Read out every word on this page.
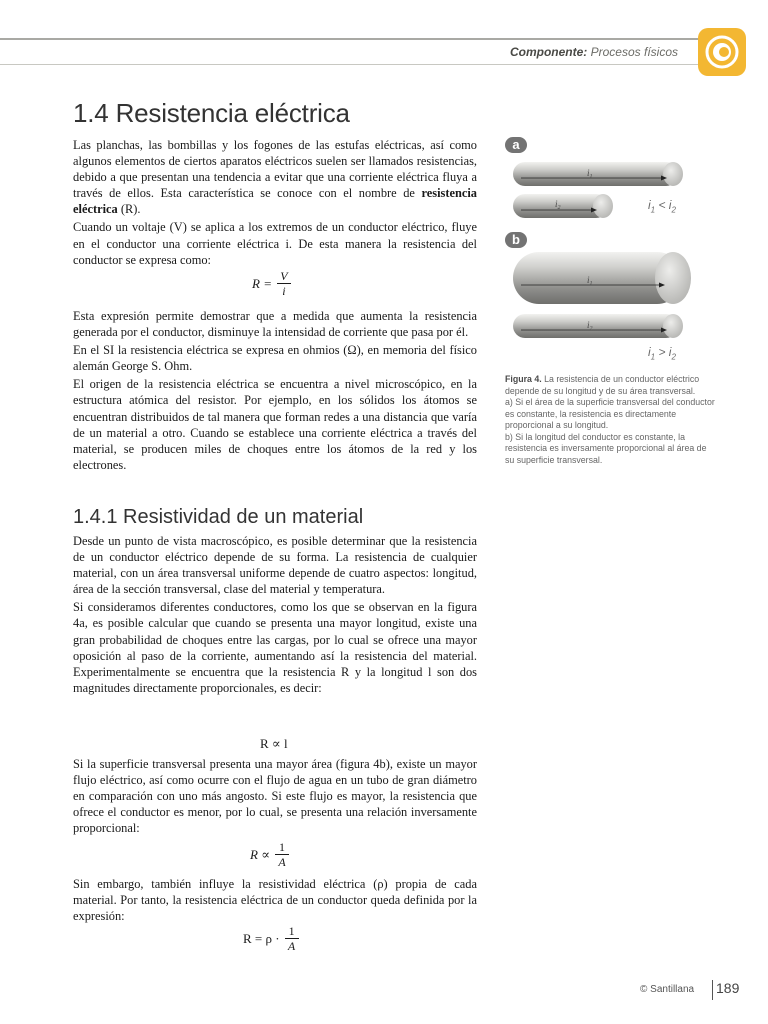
Componente: Procesos físicos
1.4 Resistencia eléctrica

Las planchas, las bombillas y los fogones de las estufas eléctricas, así como algunos elementos de ciertos aparatos eléctricos suelen ser llamados resistencias, debido a que presentan una tendencia a evitar que una corriente eléctrica fluya a través de ellos. Esta característica se conoce con el nombre de resistencia eléctrica (R).

Cuando un voltaje (V) se aplica a los extremos de un conductor eléctrico, fluye en el conductor una corriente eléctrica i. De esta manera la resistencia del conductor se expresa como:

$R = \frac{V}{i}$

Esta expresión permite demostrar que a medida que aumenta la resistencia generada por el conductor, disminuye la intensidad de corriente que pasa por él.

En el SI la resistencia eléctrica se expresa en ohmios (Ω), en memoria del físico alemán George S. Ohm.

El origen de la resistencia eléctrica se encuentra a nivel microscópico, en la estructura atómica del resistor. Por ejemplo, en los sólidos los átomos se encuentran distribuidos de tal manera que forman redes a una distancia que varía de un material a otro. Cuando se establece una corriente eléctrica a través del material, se producen miles de choques entre los átomos de la red y los electrones.

1.4.1 Resistividad de un material

Desde un punto de vista macroscópico, es posible determinar que la resistencia de un conductor eléctrico depende de su forma. La resistencia de cualquier material, con un área transversal uniforme depende de cuatro aspectos: longitud, área de la sección transversal, clase del material y temperatura.

Si consideramos diferentes conductores, como los que se observan en la figura 4a, es posible calcular que cuando se presenta una mayor longitud, existe una gran probabilidad de choques entre las cargas, por lo cual se ofrece una mayor oposición al paso de la corriente, aumentando así la resistencia del material. Experimentalmente se encuentra que la resistencia R y la longitud l son dos magnitudes directamente proporcionales, es decir:

R ∝ l

Si la superficie transversal presenta una mayor área (figura 4b), existe un mayor flujo eléctrico, así como ocurre con el flujo de agua en un tubo de gran diámetro en comparación con uno más angosto. Si este flujo es mayor, la resistencia que ofrece el conductor es menor, por lo cual, se presenta una relación inversamente proporcional:

$R \propto \frac{1}{A}$

Sin embargo, también influye la resistividad eléctrica (ρ) propia de cada material. Por tanto, la resistencia eléctrica de un conductor queda definida por la expresión:

$R = \rho \cdot \frac{1}{A}$
a
b
$i_1$
$i_2$
$i_1$
$i_2$
$i_1 < i_2$
$i_1 > i_2$

Figura 4. La resistencia de un conductor eléctrico depende de su longitud y de su área transversal.

a) Si el área de la superficie transversal del conductor es constante, la resistencia es directamente proporcional a su longitud.

b) Si la longitud del conductor es constante, la resistencia es inversamente proporcional al área de su superficie transversal.

© Santillana 189
